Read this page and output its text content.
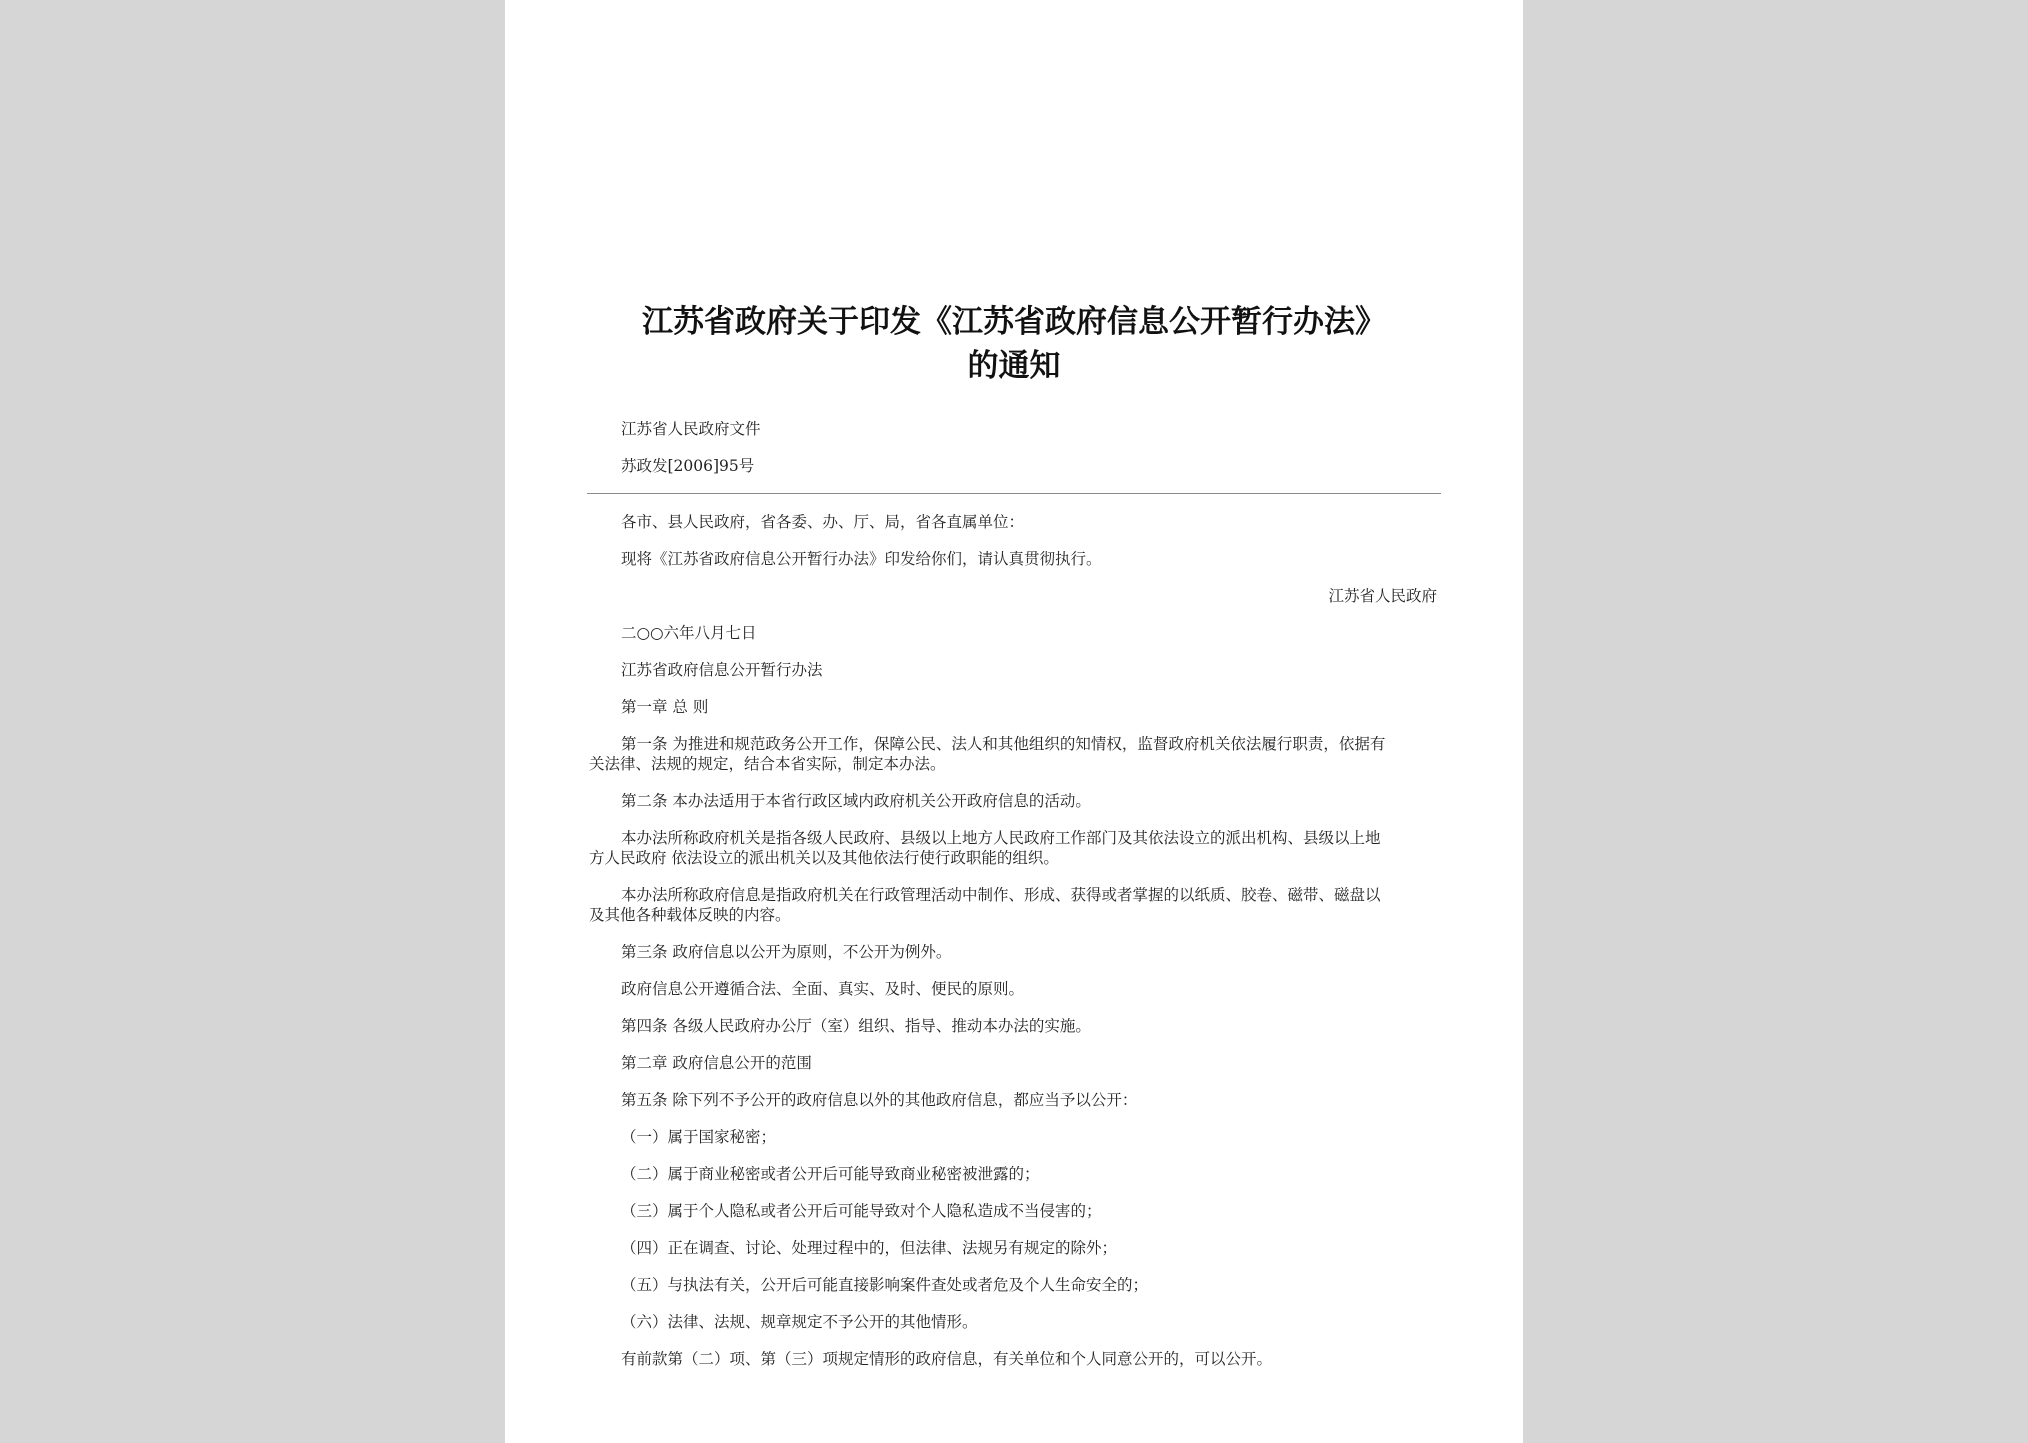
江苏省政府关于印发《江苏省政府信息公开暂行办法》
的通知

江苏省人民政府文件

苏政发[2006]95号

各市、县人民政府，省各委、办、厅、局，省各直属单位：

现将《江苏省政府信息公开暂行办法》印发给你们，请认真贯彻执行。

江苏省人民政府

二○○六年八月七日

江苏省政府信息公开暂行办法

第一章 总 则

第一条 为推进和规范政务公开工作，保障公民、法人和其他组织的知情权，监督政府机关依法履行职责，依据有

关法律、法规的规定，结合本省实际，制定本办法。

第二条 本办法适用于本省行政区域内政府机关公开政府信息的活动。

本办法所称政府机关是指各级人民政府、县级以上地方人民政府工作部门及其依法设立的派出机构、县级以上地

方人民政府 依法设立的派出机关以及其他依法行使行政职能的组织。

本办法所称政府信息是指政府机关在行政管理活动中制作、形成、获得或者掌握的以纸质、胶卷、磁带、磁盘以

及其他各种载体反映的内容。

第三条 政府信息以公开为原则，不公开为例外。

政府信息公开遵循合法、全面、真实、及时、便民的原则。

第四条 各级人民政府办公厅（室）组织、指导、推动本办法的实施。

第二章 政府信息公开的范围

第五条 除下列不予公开的政府信息以外的其他政府信息，都应当予以公开：

（一）属于国家秘密；

（二）属于商业秘密或者公开后可能导致商业秘密被泄露的；

（三）属于个人隐私或者公开后可能导致对个人隐私造成不当侵害的；

（四）正在调查、讨论、处理过程中的，但法律、法规另有规定的除外；

（五）与执法有关，公开后可能直接影响案件查处或者危及个人生命安全的；

（六）法律、法规、规章规定不予公开的其他情形。

有前款第（二）项、第（三）项规定情形的政府信息，有关单位和个人同意公开的，可以公开。
